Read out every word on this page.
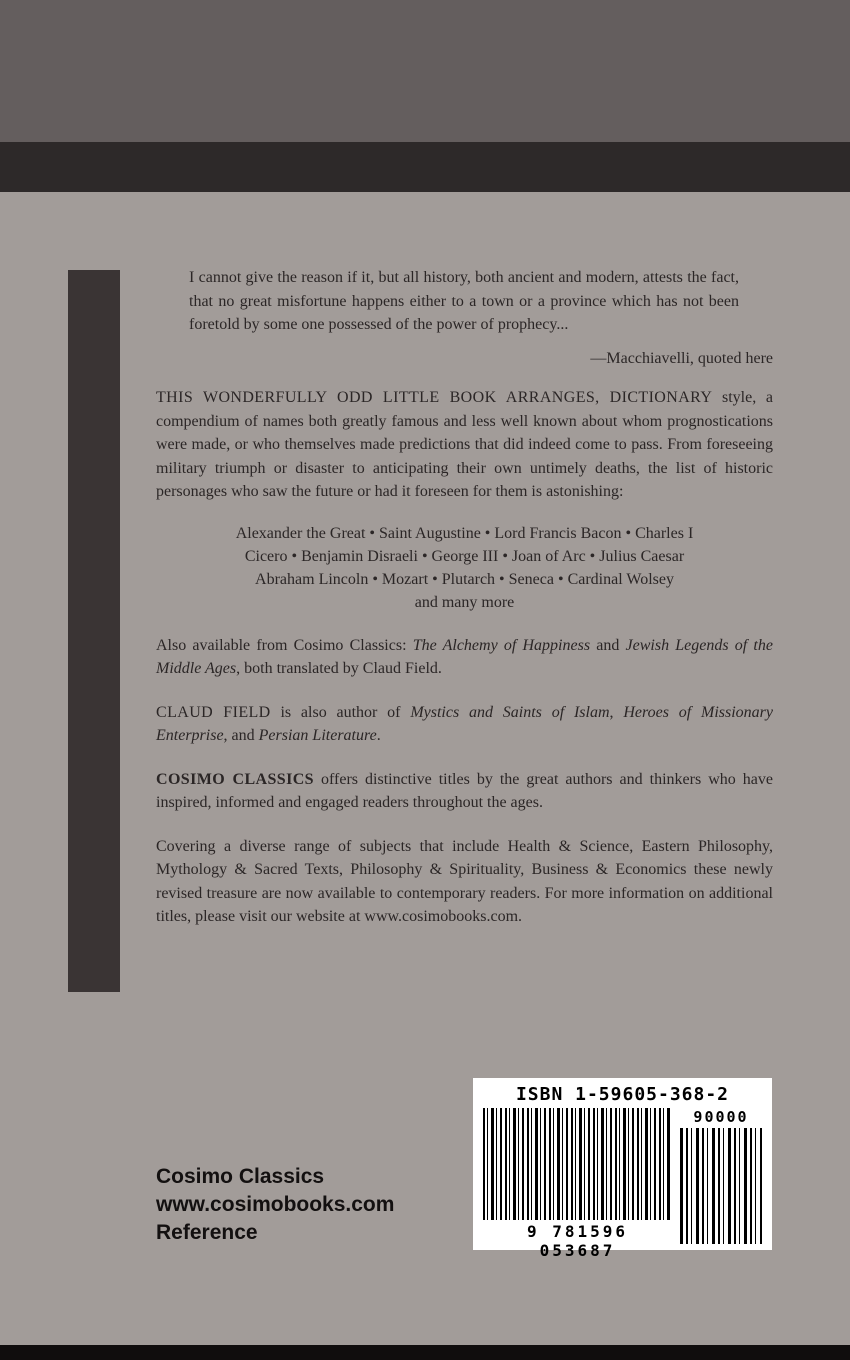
I cannot give the reason if it, but all history, both ancient and modern, attests the fact, that no great misfortune happens either to a town or a province which has not been foretold by some one possessed of the power of prophecy...

—Macchiavelli, quoted here

THIS WONDERFULLY ODD LITTLE BOOK ARRANGES, DICTIONARY style, a compendium of names both greatly famous and less well known about whom prognostications were made, or who themselves made predictions that did indeed come to pass. From foreseeing military triumph or disaster to anticipating their own untimely deaths, the list of historic personages who saw the future or had it foreseen for them is astonishing:

Alexander the Great • Saint Augustine • Lord Francis Bacon • Charles I

Cicero • Benjamin Disraeli • George III • Joan of Arc • Julius Caesar

Abraham Lincoln • Mozart • Plutarch • Seneca • Cardinal Wolsey

and many more

Also available from Cosimo Classics: The Alchemy of Happiness and Jewish Legends of the Middle Ages, both translated by Claud Field.

CLAUD FIELD is also author of Mystics and Saints of Islam, Heroes of Missionary Enterprise, and Persian Literature.

COSIMO CLASSICS offers distinctive titles by the great authors and thinkers who have inspired, informed and engaged readers throughout the ages.

Covering a diverse range of subjects that include Health & Science, Eastern Philosophy, Mythology & Sacred Texts, Philosophy & Spirituality, Business & Economics these newly revised treasure are now available to contemporary readers. For more information on additional titles, please visit our website at www.cosimobooks.com.

Cosimo Classics
www.cosimobooks.com
Reference
ISBN 1-59605-368-2
9 781596 053687
90000
